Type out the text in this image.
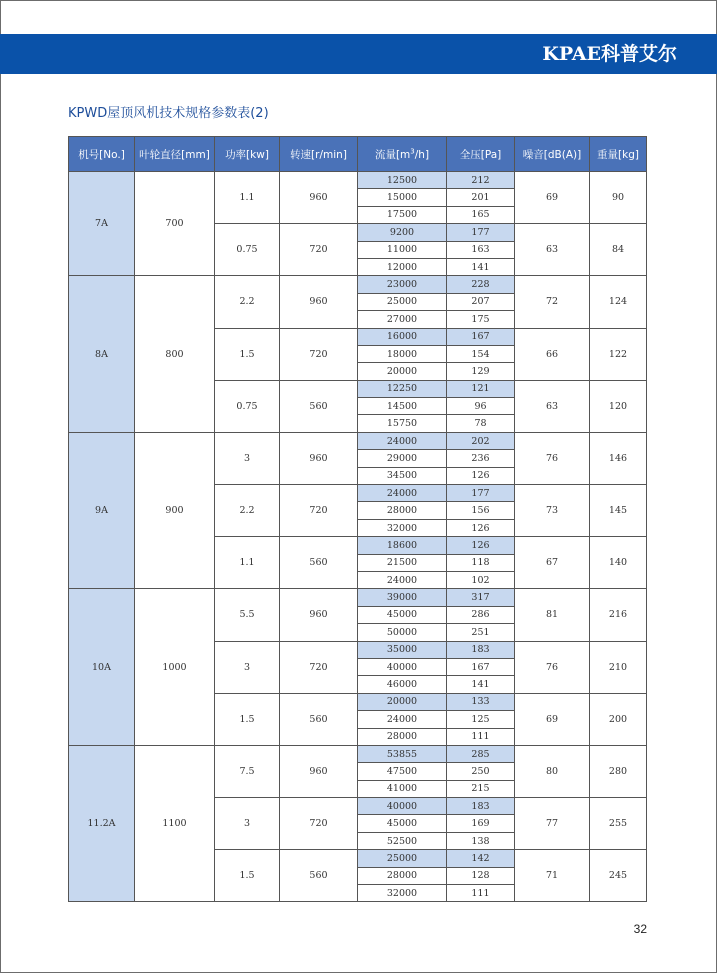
KPAE科普艾尔
KPWD屋顶风机技术规格参数表(2)
机号[No.]	叶轮直径[mm]	功率[kw]	转速[r/min]	流量$[m^3/h]$	全压[Pa]	噪音[dB(A)]	重量[kg]
7A	700	1.1	960	12500	212	69	90
				15000	201		
				17500	165		
		0.75	720	9200	177	63	84
				11000	163		
				12000	141		
8A	800	2.2	960	23000	228	72	124
				25000	207		
				27000	175		
		1.5	720	16000	167	66	122
				18000	154		
				20000	129		
		0.75	560	12250	121	63	120
				14500	96		
				15750	78		
9A	900	3	960	24000	202	76	146
				29000	236		
				34500	126		
		2.2	720	24000	177	73	145
				28000	156		
				32000	126		
		1.1	560	18600	126	67	140
				21500	118		
				24000	102		
10A	1000	5.5	960	39000	317	81	216
				45000	286		
				50000	251		
		3	720	35000	183	76	210
				40000	167		
				46000	141		
		1.5	560	20000	133	69	200
				24000	125		
				28000	111		
11.2A	1100	7.5	960	53855	285	80	280
				47500	250		
				41000	215		
		3	720	40000	183	77	255
				45000	169		
				52500	138		
		1.5	560	25000	142	71	245
				28000	128		
				32000	111		
32
